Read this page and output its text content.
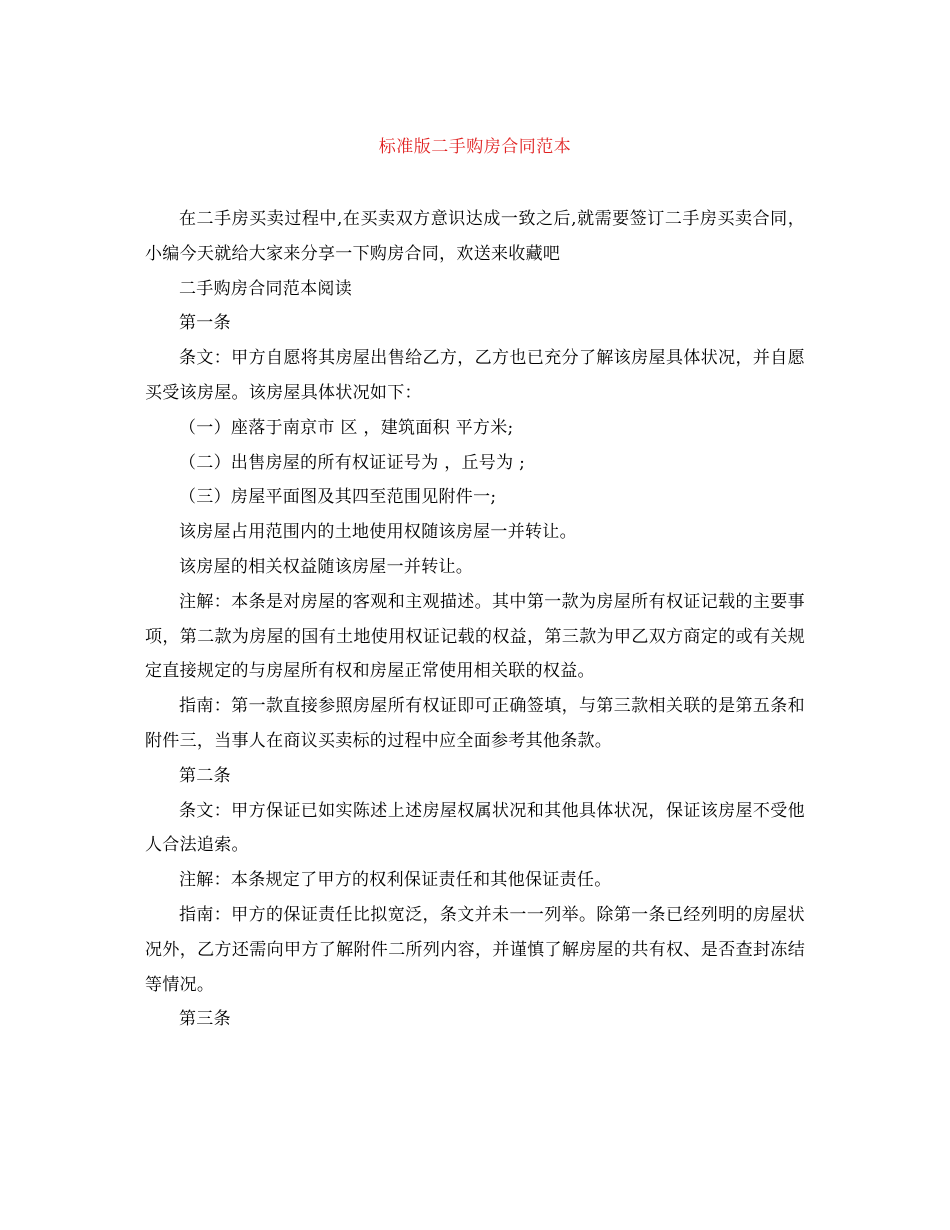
标准版二手购房合同范本

在二手房买卖过程中,在买卖双方意识达成一致之后,就需要签订二手房买卖合同，小编今天就给大家来分享一下购房合同，欢送来收藏吧

二手购房合同范本阅读

第一条

条文：甲方自愿将其房屋出售给乙方，乙方也已充分了解该房屋具体状况，并自愿买受该房屋。该房屋具体状况如下：

（一）座落于南京市 区 ，建筑面积 平方米;

（二）出售房屋的所有权证证号为 ，丘号为 ;

（三）房屋平面图及其四至范围见附件一;

该房屋占用范围内的土地使用权随该房屋一并转让。

该房屋的相关权益随该房屋一并转让。

注解：本条是对房屋的客观和主观描述。其中第一款为房屋所有权证记载的主要事项，第二款为房屋的国有土地使用权证记载的权益，第三款为甲乙双方商定的或有关规定直接规定的与房屋所有权和房屋正常使用相关联的权益。

指南：第一款直接参照房屋所有权证即可正确签填，与第三款相关联的是第五条和附件三，当事人在商议买卖标的过程中应全面参考其他条款。

第二条

条文：甲方保证已如实陈述上述房屋权属状况和其他具体状况，保证该房屋不受他人合法追索。

注解：本条规定了甲方的权利保证责任和其他保证责任。

指南：甲方的保证责任比拟宽泛，条文并未一一列举。除第一条已经列明的房屋状况外，乙方还需向甲方了解附件二所列内容，并谨慎了解房屋的共有权、是否查封冻结等情况。

第三条
